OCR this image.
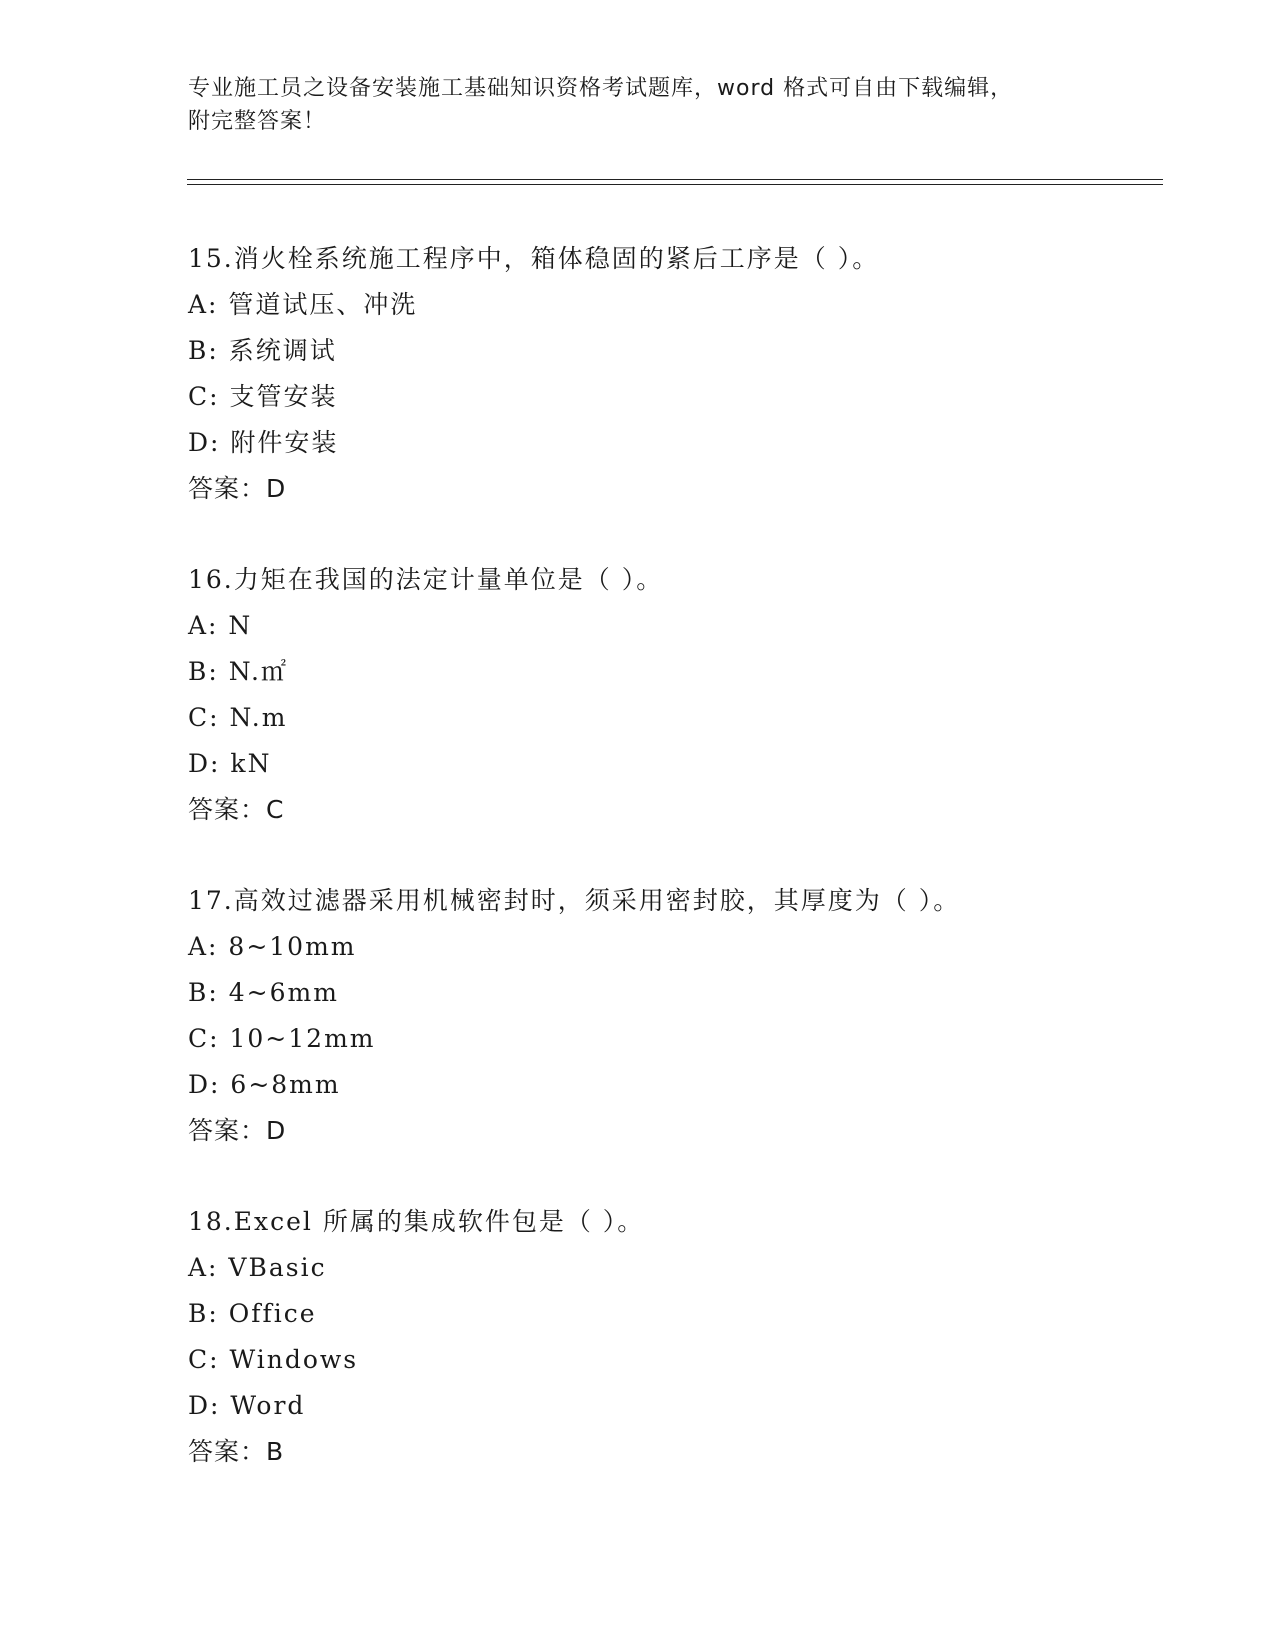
专业施工员之设备安装施工基础知识资格考试题库，word 格式可自由下载编辑，
附完整答案！
15.消火栓系统施工程序中，箱体稳固的紧后工序是（ ）。
A: 管道试压、冲洗
B: 系统调试
C: 支管安装
D: 附件安装
答案：D
16.力矩在我国的法定计量单位是（ ）。
A: N
B: N.㎡
C: N.m
D: kN
答案：C
17.高效过滤器采用机械密封时，须采用密封胶，其厚度为（ ）。
A: 8~10mm
B: 4~6mm
C: 10~12mm
D: 6~8mm
答案：D
18.Excel 所属的集成软件包是（ ）。
A: VBasic
B: Office
C: Windows
D: Word
答案：B
